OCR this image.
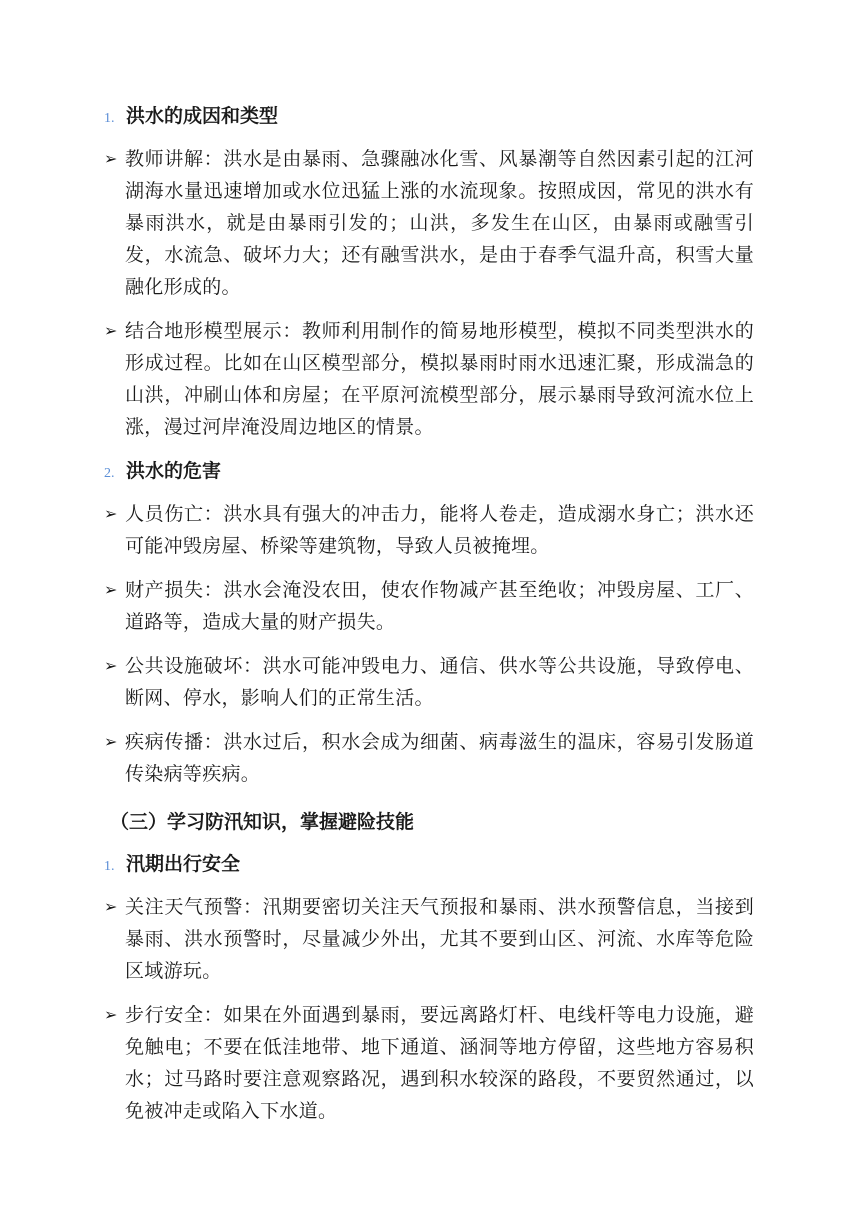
1. 洪水的成因和类型
➢ 教师讲解：洪水是由暴雨、急骤融冰化雪、风暴潮等自然因素引起的江河湖海水量迅速增加或水位迅猛上涨的水流现象。按照成因，常见的洪水有暴雨洪水，就是由暴雨引发的；山洪，多发生在山区，由暴雨或融雪引发，水流急、破坏力大；还有融雪洪水，是由于春季气温升高，积雪大量融化形成的。
➢ 结合地形模型展示：教师利用制作的简易地形模型，模拟不同类型洪水的形成过程。比如在山区模型部分，模拟暴雨时雨水迅速汇聚，形成湍急的山洪，冲刷山体和房屋；在平原河流模型部分，展示暴雨导致河流水位上涨，漫过河岸淹没周边地区的情景。
2. 洪水的危害
➢ 人员伤亡：洪水具有强大的冲击力，能将人卷走，造成溺水身亡；洪水还可能冲毁房屋、桥梁等建筑物，导致人员被掩埋。
➢ 财产损失：洪水会淹没农田，使农作物减产甚至绝收；冲毁房屋、工厂、道路等，造成大量的财产损失。
➢ 公共设施破坏：洪水可能冲毁电力、通信、供水等公共设施，导致停电、断网、停水，影响人们的正常生活。
➢ 疾病传播：洪水过后，积水会成为细菌、病毒滋生的温床，容易引发肠道传染病等疾病。
（三）学习防汛知识，掌握避险技能
1. 汛期出行安全
➢ 关注天气预警：汛期要密切关注天气预报和暴雨、洪水预警信息，当接到暴雨、洪水预警时，尽量减少外出，尤其不要到山区、河流、水库等危险区域游玩。
➢ 步行安全：如果在外面遇到暴雨，要远离路灯杆、电线杆等电力设施，避免触电；不要在低洼地带、地下通道、涵洞等地方停留，这些地方容易积水；过马路时要注意观察路况，遇到积水较深的路段，不要贸然通过，以免被冲走或陷入下水道。
